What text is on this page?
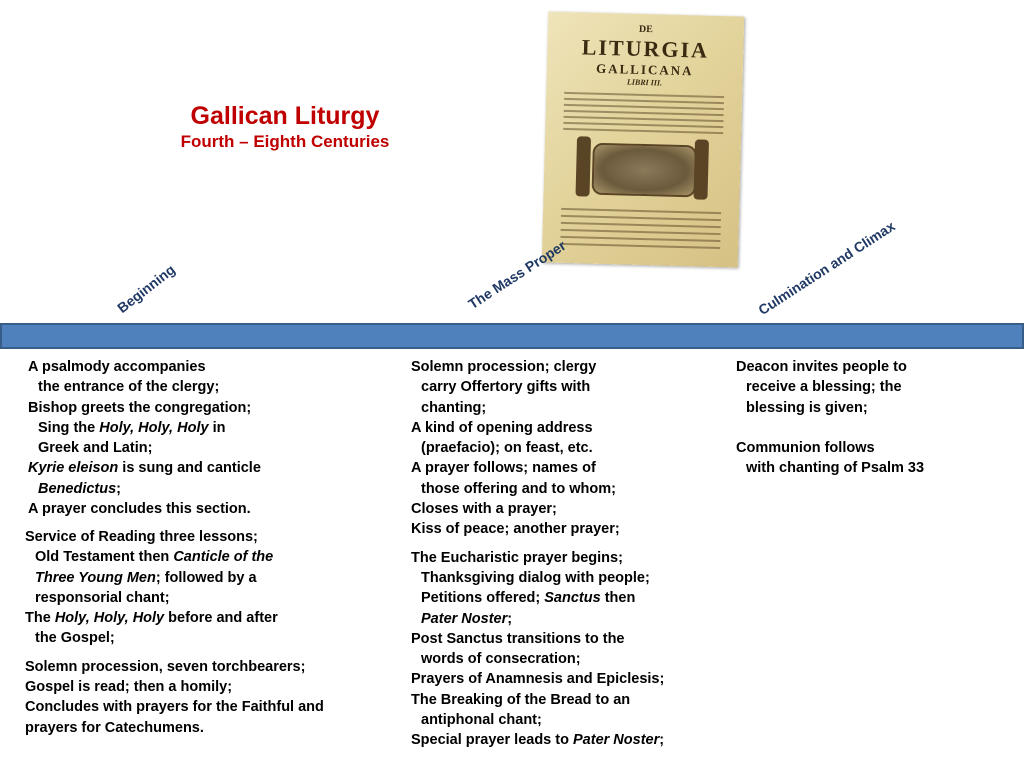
Gallican Liturgy
Fourth – Eighth Centuries
DE
LITURGIA
GALLICANA
LIBRI III.
Beginning	The Mass Proper	Culmination and Climax

A psalmody accompanies

the entrance of the clergy;

Bishop greets the congregation;

Sing the Holy, Holy, Holy in

Greek and Latin;

Kyrie eleison is sung and canticle

Benedictus;

A prayer concludes this section.

Service of Reading three lessons;

Old Testament then Canticle of the

Three Young Men; followed by a

responsorial chant;

The Holy, Holy, Holy before and after

the Gospel;

Solemn procession, seven torchbearers;

Gospel is read; then a homily;

Concludes with prayers for the Faithful and

prayers for Catechumens.

Solemn procession; clergy

carry Offertory gifts with

chanting;

A kind of opening address

(praefacio); on feast, etc.

A prayer follows; names of

those offering and to whom;

Closes with a prayer;

Kiss of peace; another prayer;

The Eucharistic prayer begins;

Thanksgiving dialog with people;

Petitions offered; Sanctus then

Pater Noster;

Post Sanctus transitions to the

words of consecration;

Prayers of Anamnesis and Epiclesis;

The Breaking of the Bread to an

antiphonal chant;

Special prayer leads to Pater Noster;

Deacon invites people to

receive a blessing; the

blessing is given;

Communion follows

with chanting of Psalm 33
